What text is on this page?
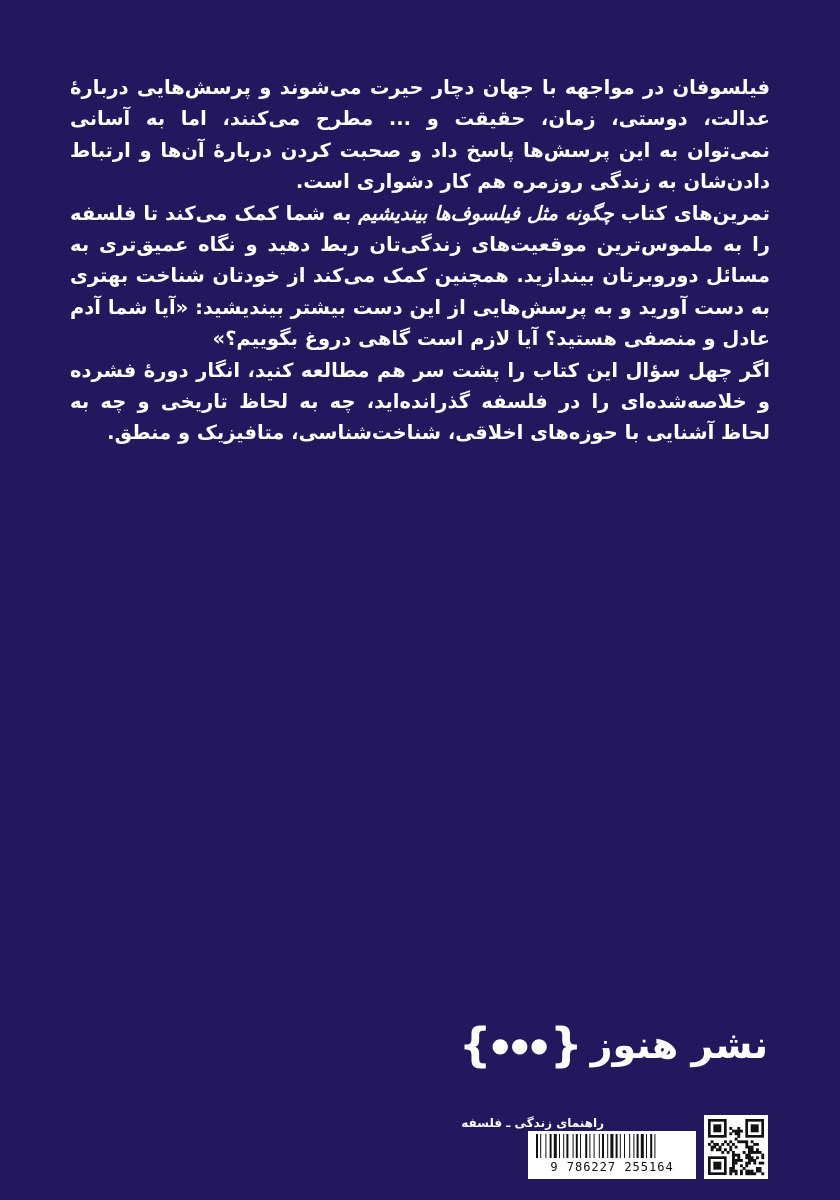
فیلسوفان در مواجهه با جهان دچار حیرت می‌شوند و پرسش‌هایی دربارهٔ عدالت، دوستی، زمان، حقیقت و ... مطرح می‌کنند، اما به آسانی نمی‌توان به این پرسش‌ها پاسخ داد و صحبت کردن دربارهٔ آن‌ها و ارتباط دادن‌شان به زندگی روزمره هم کار دشواری است.

تمرین‌های کتاب چگونه مثل فیلسوف‌ها بیندیشیم به شما کمک می‌کند تا فلسفه را به ملموس‌ترین موقعیت‌های زندگی‌تان ربط دهید و نگاه عمیق‌تری به مسائل دوروبرتان بیندازید. همچنین کمک می‌کند از خودتان شناخت بهتری به دست آورید و به پرسش‌هایی از این دست بیشتر بیندیشید: «آیا شما آدم عادل و منصفی هستید؟ آیا لازم است گاهی دروغ بگوییم؟»

اگر چهل سؤال این کتاب را پشت سر هم مطالعه کنید، انگار دورهٔ فشرده و خلاصه‌شده‌ای را در فلسفه گذرانده‌اید، چه به لحاظ تاریخی و چه به لحاظ آشنایی با حوزه‌های اخلاقی، شناخت‌شناسی، متافیزیک و منطق.

نشر هنوز
{ ●●● }
راهنمای زندگی ـ فلسفه
9 786227 255164
